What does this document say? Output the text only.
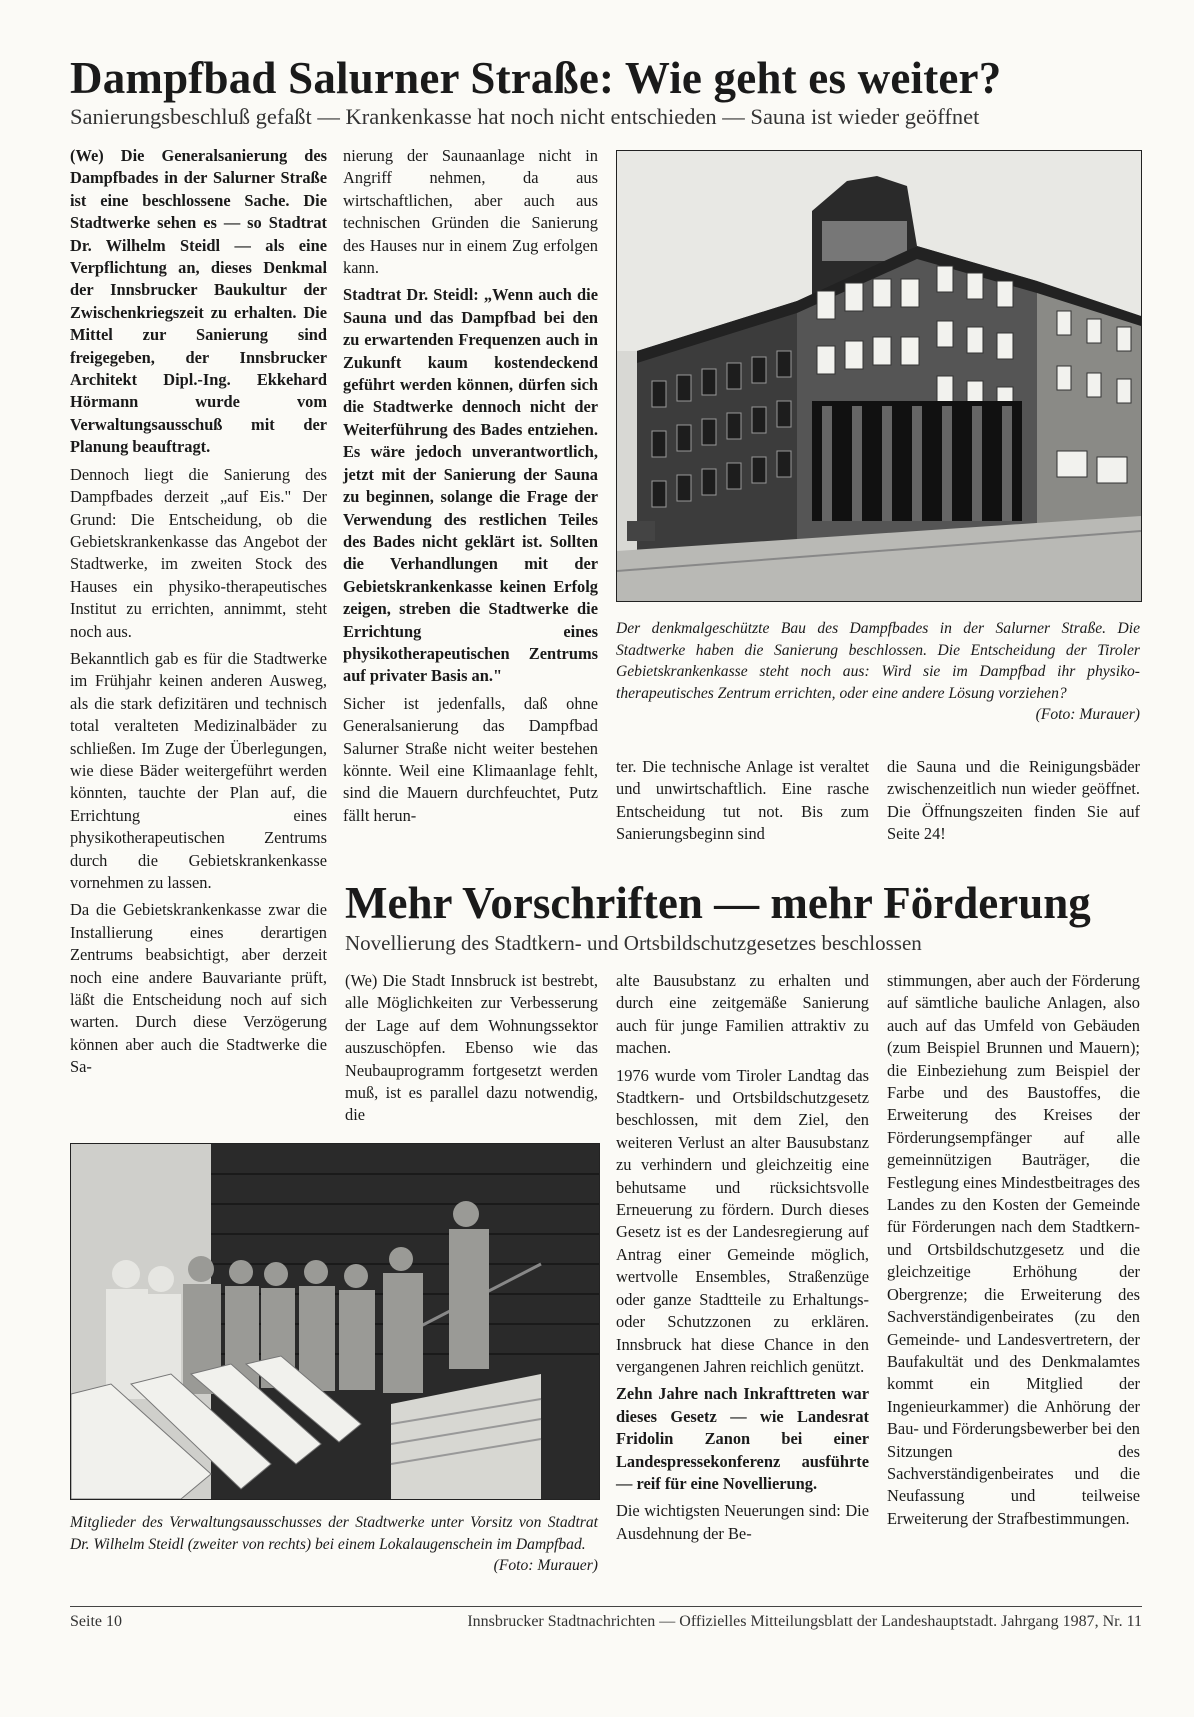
Dampfbad Salurner Straße: Wie geht es weiter?
Sanierungsbeschluß gefaßt — Krankenkasse hat noch nicht entschieden — Sauna ist wieder geöffnet

(We) Die Generalsanierung des Dampfbades in der Salurner Straße ist eine beschlossene Sache. Die Stadtwerke sehen es — so Stadtrat Dr. Wilhelm Steidl — als eine Verpflichtung an, dieses Denkmal der Innsbrucker Baukultur der Zwischenkriegszeit zu erhalten. Die Mittel zur Sanierung sind freigegeben, der Innsbrucker Architekt Dipl.-Ing. Ekkehard Hörmann wurde vom Verwaltungsausschuß mit der Planung beauftragt.

Dennoch liegt die Sanierung des Dampfbades derzeit „auf Eis." Der Grund: Die Entscheidung, ob die Gebietskrankenkasse das Angebot der Stadtwerke, im zweiten Stock des Hauses ein physiko-therapeutisches Institut zu errichten, annimmt, steht noch aus.

Bekanntlich gab es für die Stadtwerke im Frühjahr keinen anderen Ausweg, als die stark defizitären und technisch total veralteten Medizinalbäder zu schließen. Im Zuge der Überlegungen, wie diese Bäder weitergeführt werden könnten, tauchte der Plan auf, die Errichtung eines physikotherapeutischen Zentrums durch die Gebietskrankenkasse vornehmen zu lassen.

Da die Gebietskrankenkasse zwar die Installierung eines derartigen Zentrums beabsichtigt, aber derzeit noch eine andere Bauvariante prüft, läßt die Entscheidung noch auf sich warten. Durch diese Verzögerung können aber auch die Stadtwerke die Sa-

nierung der Saunaanlage nicht in Angriff nehmen, da aus wirtschaftlichen, aber auch aus technischen Gründen die Sanierung des Hauses nur in einem Zug erfolgen kann.

Stadtrat Dr. Steidl: „Wenn auch die Sauna und das Dampfbad bei den zu erwartenden Frequenzen auch in Zukunft kaum kostendeckend geführt werden können, dürfen sich die Stadtwerke dennoch nicht der Weiterführung des Bades entziehen. Es wäre jedoch unverantwortlich, jetzt mit der Sanierung der Sauna zu beginnen, solange die Frage der Verwendung des restlichen Teiles des Bades nicht geklärt ist. Sollten die Verhandlungen mit der Gebietskrankenkasse keinen Erfolg zeigen, streben die Stadtwerke die Errichtung eines physikotherapeutischen Zentrums auf privater Basis an."

Sicher ist jedenfalls, daß ohne Generalsanierung das Dampfbad Salurner Straße nicht weiter bestehen könnte. Weil eine Klimaanlage fehlt, sind die Mauern durchfeuchtet, Putz fällt herun-

Der denkmalgeschützte Bau des Dampfbades in der Salurner Straße. Die Stadtwerke haben die Sanierung beschlossen. Die Entscheidung der Tiroler Gebietskrankenkasse steht noch aus: Wird sie im Dampfbad ihr physiko-therapeutisches Zentrum errichten, oder eine andere Lösung vorziehen?
(Foto: Murauer)

ter. Die technische Anlage ist veraltet und unwirtschaftlich. Eine rasche Entscheidung tut not. Bis zum Sanierungsbeginn sind

die Sauna und die Reinigungsbäder zwischenzeitlich nun wieder geöffnet. Die Öffnungszeiten finden Sie auf Seite 24!

Mehr Vorschriften — mehr Förderung
Novellierung des Stadtkern- und Ortsbildschutzgesetzes beschlossen

(We) Die Stadt Innsbruck ist bestrebt, alle Möglichkeiten zur Verbesserung der Lage auf dem Wohnungssektor auszuschöpfen. Ebenso wie das Neubauprogramm fortgesetzt werden muß, ist es parallel dazu notwendig, die

alte Bausubstanz zu erhalten und durch eine zeitgemäße Sanierung auch für junge Familien attraktiv zu machen.

1976 wurde vom Tiroler Landtag das Stadtkern- und Ortsbildschutzgesetz beschlossen, mit dem Ziel, den weiteren Verlust an alter Bausubstanz zu verhindern und gleichzeitig eine behutsame und rücksichtsvolle Erneuerung zu fördern. Durch dieses Gesetz ist es der Landesregierung auf Antrag einer Gemeinde möglich, wertvolle Ensembles, Straßenzüge oder ganze Stadtteile zu Erhaltungs- oder Schutzzonen zu erklären. Innsbruck hat diese Chance in den vergangenen Jahren reichlich genützt.

Zehn Jahre nach Inkrafttreten war dieses Gesetz — wie Landesrat Fridolin Zanon bei einer Landespressekonferenz ausführte — reif für eine Novellierung.

Die wichtigsten Neuerungen sind: Die Ausdehnung der Be-

stimmungen, aber auch der Förderung auf sämtliche bauliche Anlagen, also auch auf das Umfeld von Gebäuden (zum Beispiel Brunnen und Mauern); die Einbeziehung zum Beispiel der Farbe und des Baustoffes, die Erweiterung des Kreises der Förderungsempfänger auf alle gemeinnützigen Bauträger, die Festlegung eines Mindestbeitrages des Landes zu den Kosten der Gemeinde für Förderungen nach dem Stadtkern- und Ortsbildschutzgesetz und die gleichzeitige Erhöhung der Obergrenze; die Erweiterung des Sachverständigenbeirates (zu den Gemeinde- und Landesvertretern, der Baufakultät und des Denkmalamtes kommt ein Mitglied der Ingenieurkammer) die Anhörung der Bau- und Förderungsbewerber bei den Sitzungen des Sachverständigenbeirates und die Neufassung und teilweise Erweiterung der Strafbestimmungen.

Mitglieder des Verwaltungsausschusses der Stadtwerke unter Vorsitz von Stadtrat Dr. Wilhelm Steidl (zweiter von rechts) bei einem Lokalaugenschein im Dampfbad.
(Foto: Murauer)
Seite 10	Innsbrucker Stadtnachrichten — Offizielles Mitteilungsblatt der Landeshauptstadt. Jahrgang 1987, Nr. 11
